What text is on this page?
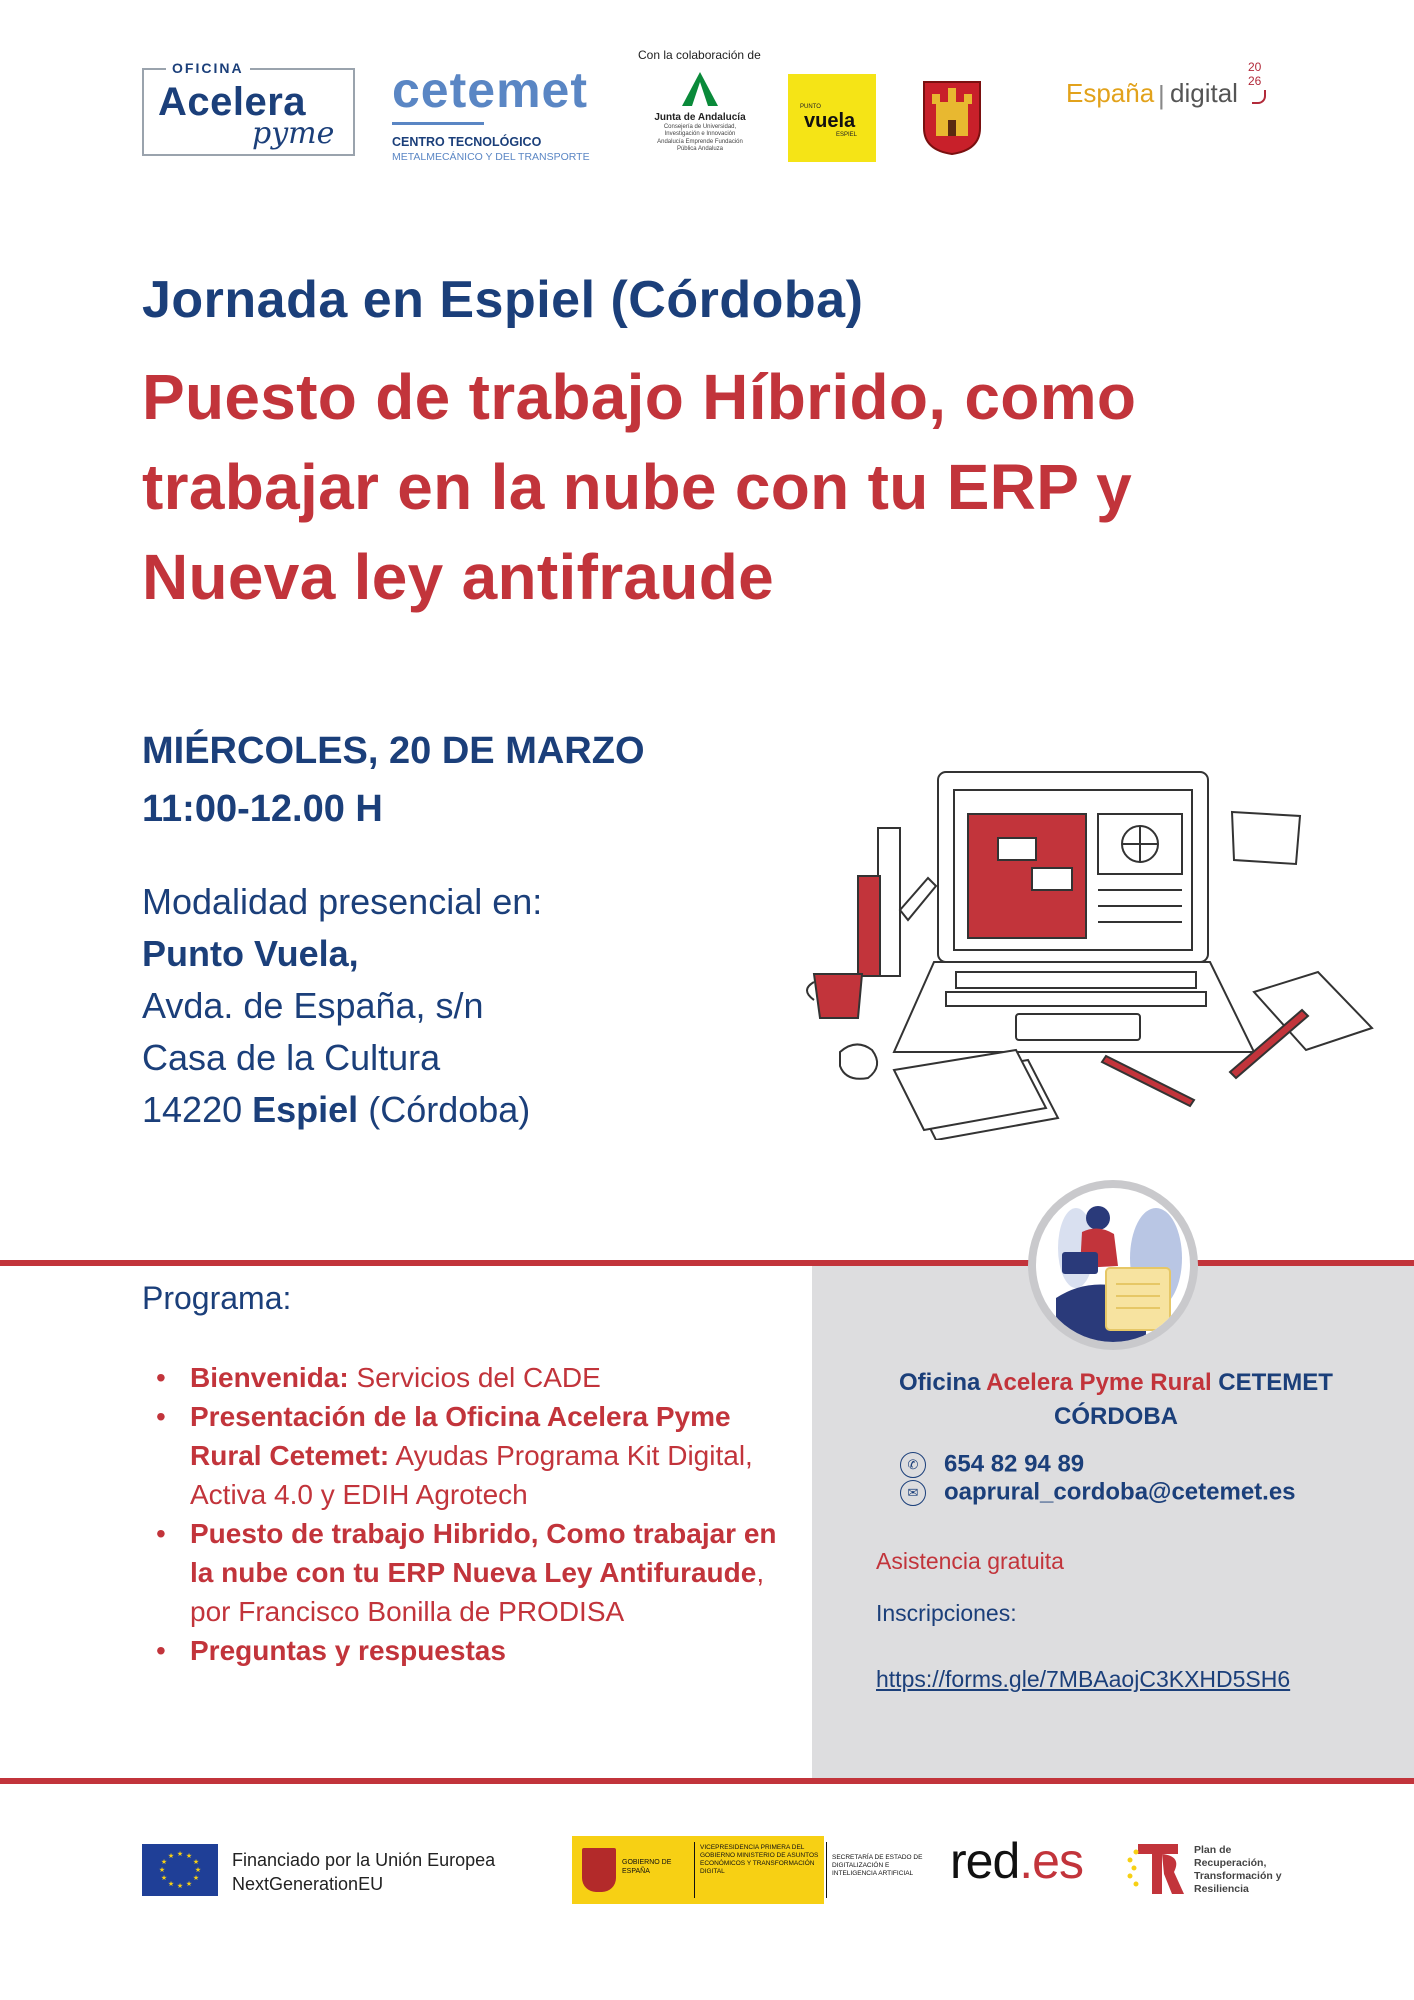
OFICINA
Acelera
pyme
cetemet
CENTRO TECNOLÓGICO
METALMECÁNICO Y DEL TRANSPORTE
Con la colaboración de
Junta de Andalucía
Consejería de Universidad, Investigación e Innovación
Andalucía Emprende Fundación Pública Andaluza
PUNTO
vuela
ESPIEL
España | digital
20
26
Jornada en Espiel (Córdoba)
Puesto de trabajo Híbrido, como trabajar en la nube con tu ERP y Nueva ley antifraude
MIÉRCOLES, 20 DE MARZO
11:00-12.00 H
Modalidad presencial en:
Punto Vuela,
Avda. de España, s/n
Casa de la Cultura
14220 Espiel (Córdoba)
Programa:
• Bienvenida: Servicios del CADE
• Presentación de la Oficina Acelera Pyme Rural Cetemet: Ayudas Programa Kit Digital, Activa 4.0 y EDIH Agrotech
• Puesto de trabajo Hibrido, Como trabajar en la nube con tu ERP Nueva Ley Antifuraude, por Francisco Bonilla de PRODISA
• Preguntas y respuestas
Oficina Acelera Pyme Rural CETEMET CÓRDOBA
✆ 654 82 94 89
✉ oaprural_cordoba@cetemet.es
Asistencia gratuita
Inscripciones:
https://forms.gle/7MBAaojC3KXHD5SH6
★ ★
★
★
★
★
★
★
★
★
★
★	Financiado por la Unión Europea
NextGenerationEU
GOBIERNO DE ESPAÑA
VICEPRESIDENCIA PRIMERA DEL GOBIERNO MINISTERIO DE ASUNTOS ECONÓMICOS Y TRANSFORMACIÓN DIGITAL
SECRETARÍA DE ESTADO DE DIGITALIZACIÓN E INTELIGENCIA ARTIFICIAL red.es	Plan de Recuperación, Transformación y Resiliencia
